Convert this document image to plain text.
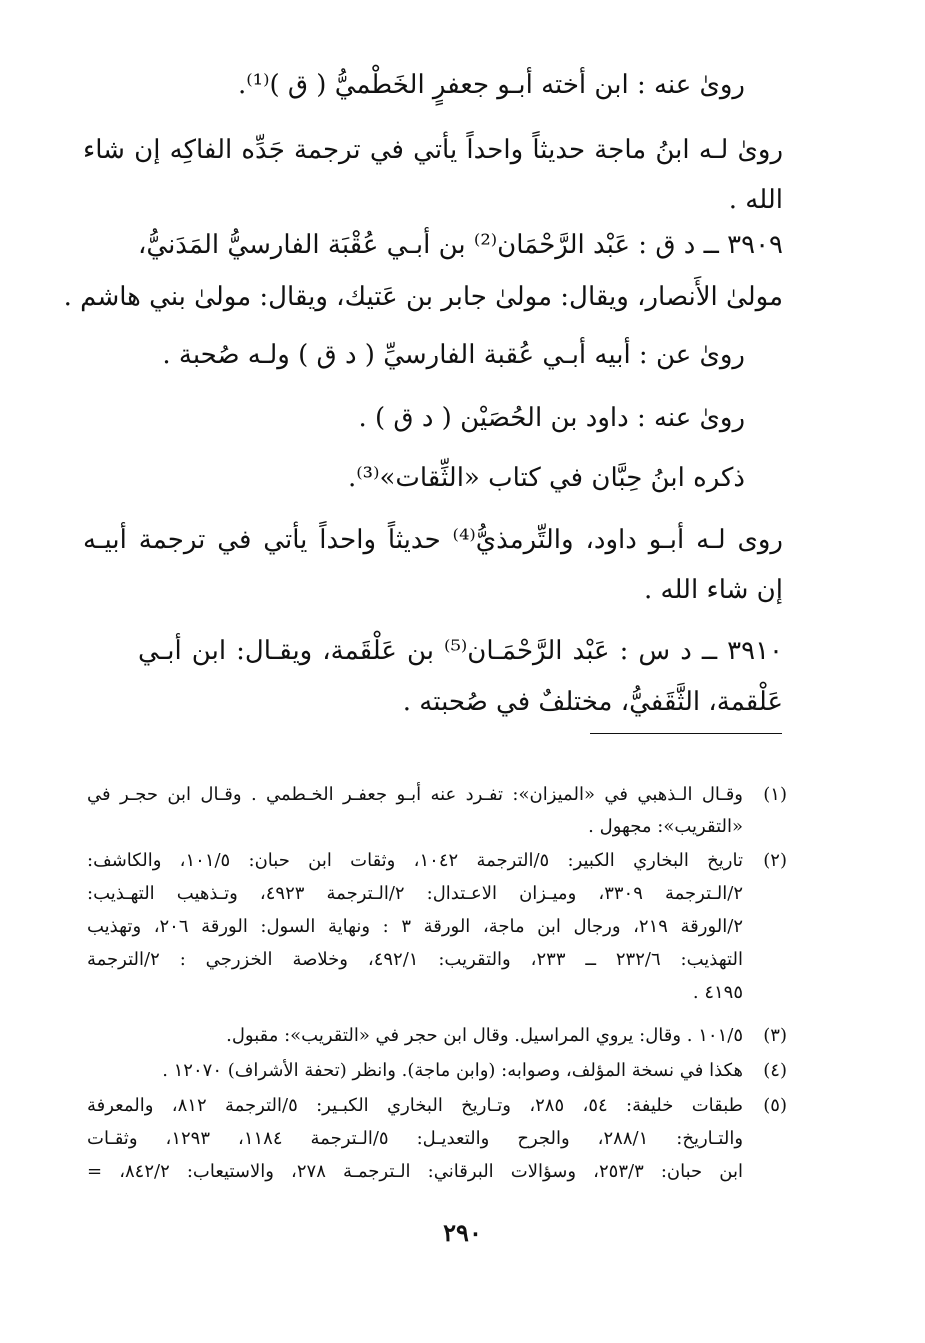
روىٰ عنه : ابن أخته أبـو جعفرٍ الخَطْميُّ ( ق )⁽¹⁾.
روىٰ لـه ابنُ ماجة حديثاً واحداً يأتي في ترجمة جَدِّه الفاكِه إن شاء
الله .
٣٩٠٩ ــ د ق : عَبْد الرَّحْمَان⁽²⁾ بن أبـي عُقْبَة الفارسيُّ المَدَنيُّ،
مولىٰ الأَنصار، ويقال: مولىٰ جابر بن عَتيك، ويقال: مولىٰ بني هاشم .
روىٰ عن : أبيه أبـي عُقبة الفارسيِّ ( د ق ) ولـه صُحبة .
روىٰ عنه : داود بن الحُصَيْن ( د ق ) .
ذكره ابنُ حِبَّان في كتاب «الثِّقات»⁽³⁾.
روى لـه أبـو داود، والتِّرمذيُّ⁽⁴⁾ حديثاً واحداً يأتي في ترجمة أبيـه
إن شاء الله .
٣٩١٠ ــ د س : عَبْد الرَّحْمَـان⁽⁵⁾ بن عَلْقَمة، ويقـال: ابن أبـي
عَلْقمة، الثَّقَفيُّ، مختلفٌ في صُحبته .
(١)
وقـال الـذهبي في «الميزان»: تفـرد عنه أبـو جعفـر الخـطمي . وقـال ابن حجـر في
«التقريب»: مجهول .
(٢)
تاريخ البخاري الكبير: ٥/الترجمة ١٠٤٢، وثقات ابن حبان: ١٠١/٥، والكاشف:
٢/الـترجمة ٣٣٠٩، وميـزان الاعـتدال: ٢/الـترجمة ٤٩٢٣، وتـذهيب التهـذيب:
٢/الورقة ٢١٩، ورجال ابن ماجة، الورقة ٣ : ونهاية السول: الورقة ٢٠٦، وتهذيب
التهذيب: ٢٣٢/٦ ــ ٢٣٣، والتقريب: ٤٩٢/١، وخلاصة الخزرجي : ٢/الترجمة
٤١٩٥ .
(٣)
١٠١/٥ . وقال: يروي المراسيل. وقال ابن حجر في «التقريب»: مقبول.
(٤)
هكذا في نسخة المؤلف، وصوابه: (وابن ماجة). وانظر (تحفة الأشراف) ١٢٠٧٠ .
(٥)
طبقات خليفة: ٥٤، ٢٨٥، وتـاريخ البخاري الكبـير: ٥/الترجمة ٨١٢، والمعرفة
والتـاريخ: ٢٨٨/١، والجرح والتعديـل: ٥/الـترجمة ١١٨٤، ١٢٩٣، وثقـات
ابن حبان: ٢٥٣/٣، وسؤالات البرقاني: الـترجمـة ٢٧٨، والاستيعاب: ٨٤٢/٢، =
٢٩٠
